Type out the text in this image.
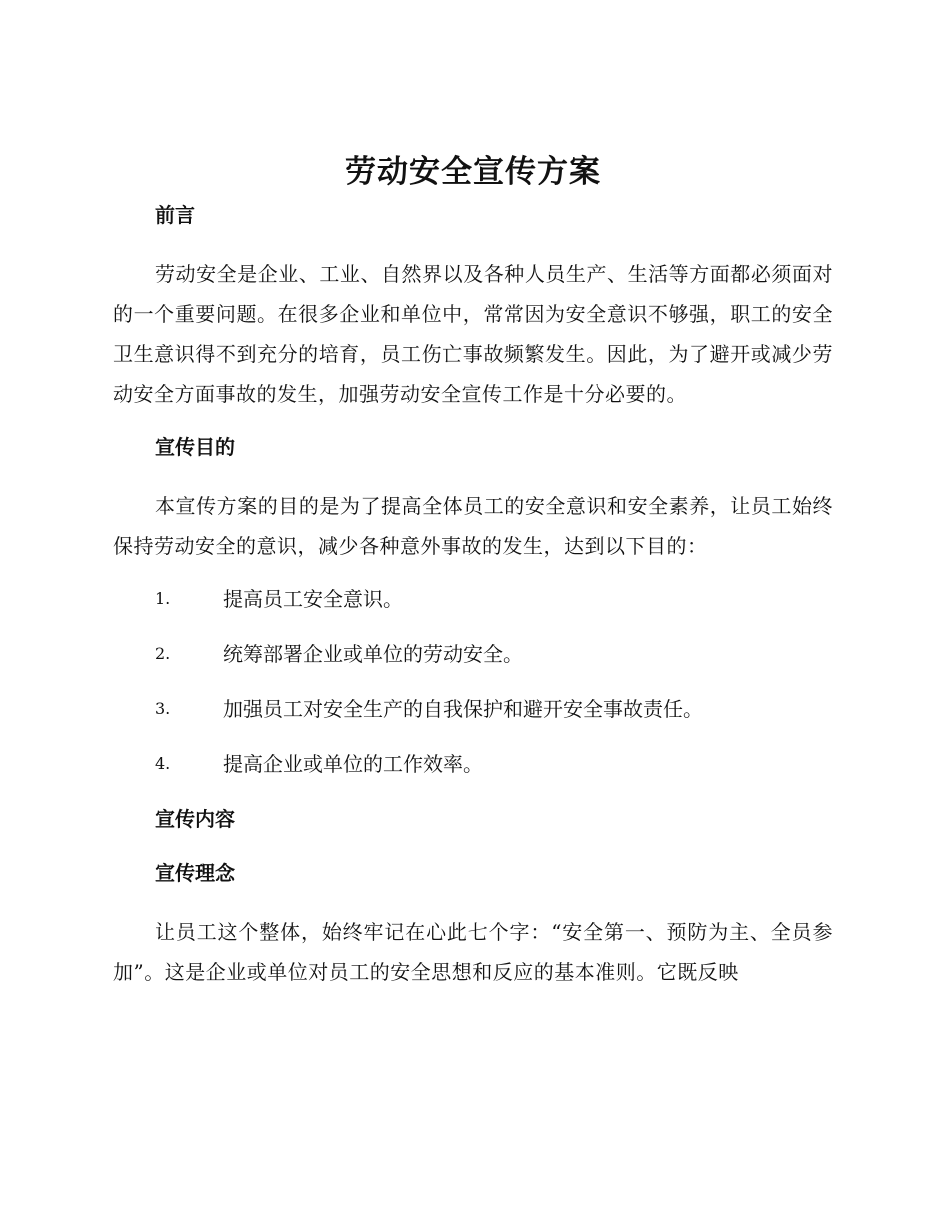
劳动安全宣传方案
前言

劳动安全是企业、工业、自然界以及各种人员生产、生活等方面都必须面对的一个重要问题。在很多企业和单位中，常常因为安全意识不够强，职工的安全卫生意识得不到充分的培育，员工伤亡事故频繁发生。因此，为了避开或减少劳动安全方面事故的发生，加强劳动安全宣传工作是十分必要的。

宣传目的

本宣传方案的目的是为了提高全体员工的安全意识和安全素养，让员工始终保持劳动安全的意识，减少各种意外事故的发生，达到以下目的：

1.	提高员工安全意识。
2.	统筹部署企业或单位的劳动安全。
3.	加强员工对安全生产的自我保护和避开安全事故责任。
4.	提高企业或单位的工作效率。
宣传内容
宣传理念

让员工这个整体，始终牢记在心此七个字：“安全第一、预防为主、全员参加”。这是企业或单位对员工的安全思想和反应的基本准则。它既反映
